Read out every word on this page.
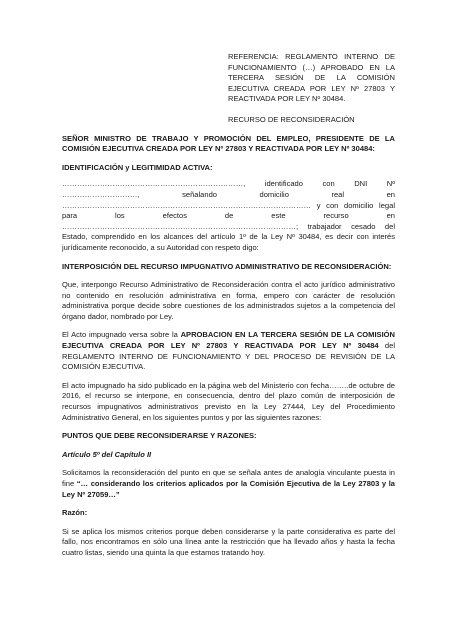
REFERENCIA: REGLAMENTO INTERNO DE FUNCIONAMIENTO (…) APROBADO EN LA TERCERA SESIÓN DE LA COMISIÓN EJECUTIVA CREADA POR LEY Nº 27803 Y REACTIVADA POR LEY Nº 30484.

RECURSO DE RECONSIDERACIÓN

SEÑOR MINISTRO DE TRABAJO Y PROMOCIÓN DEL EMPLEO, PRESIDENTE DE LA COMISIÓN EJECUTIVA CREADA POR LEY Nº 27803 Y REACTIVADA POR LEY Nº 30484:

IDENTIFICACIÓN y LEGITIMIDAD ACTIVA:

………………………………………………………………, identificado con DNI Nº …………………………, señalando domicilio real en ……………………………………………………………………………………… y con domicilio legal para los efectos de este recurso en …………………………………………………………………………………; trabajador cesado del Estado, comprendido en los alcances del artículo 1º de la Ley Nº 30484, es decir con interés jurídicamente reconocido, a su Autoridad con respeto digo:

INTERPOSICIÓN DEL RECURSO IMPUGNATIVO ADMINISTRATIVO DE RECONSIDERACIÓN:

Que, interpongo Recurso Administrativo de Reconsideración contra el acto jurídico administrativo no contenido en resolución administrativa en forma, empero con carácter de resolución administrativa porque decide sobre cuestiones de los administrados sujetos a la competencia del órgano dador, nombrado por Ley.

El Acto impugnado versa sobre la APROBACION EN LA TERCERA SESIÓN DE LA COMISIÓN EJECUTIVA CREADA POR LEY Nº 27803 Y REACTIVADA POR LEY Nº 30484 del REGLAMENTO INTERNO DE FUNCIONAMIENTO Y DEL PROCESO DE REVISIÓN DE LA COMISIÓN EJECUTIVA.

El acto impugnado ha sido publicado en la página web del Ministerio con fecha……..de octubre de 2016, el recurso se interpone, en consecuencia, dentro del plazo común de interposición de recursos impugnativos administrativos previsto en la Ley 27444, Ley del Procedimiento Administrativo General, en los siguientes puntos y por las siguientes razones:

PUNTOS QUE DEBE RECONSIDERARSE Y RAZONES:

Artículo 5º del Capítulo II

Solicitamos la reconsideración del punto en que se señala antes de analogía vinculante puesta in fine “… considerando los criterios aplicados por la Comisión Ejecutiva de la Ley 27803 y la Ley Nº 27059…”

Razón:

Si se aplica los mismos criterios porque deben considerarse y la parte considerativa es parte del fallo, nos encontramos en sólo una línea ante la restricción que ha llevado años y hasta la fecha cuatro listas, siendo una quinta la que estamos tratando hoy.
